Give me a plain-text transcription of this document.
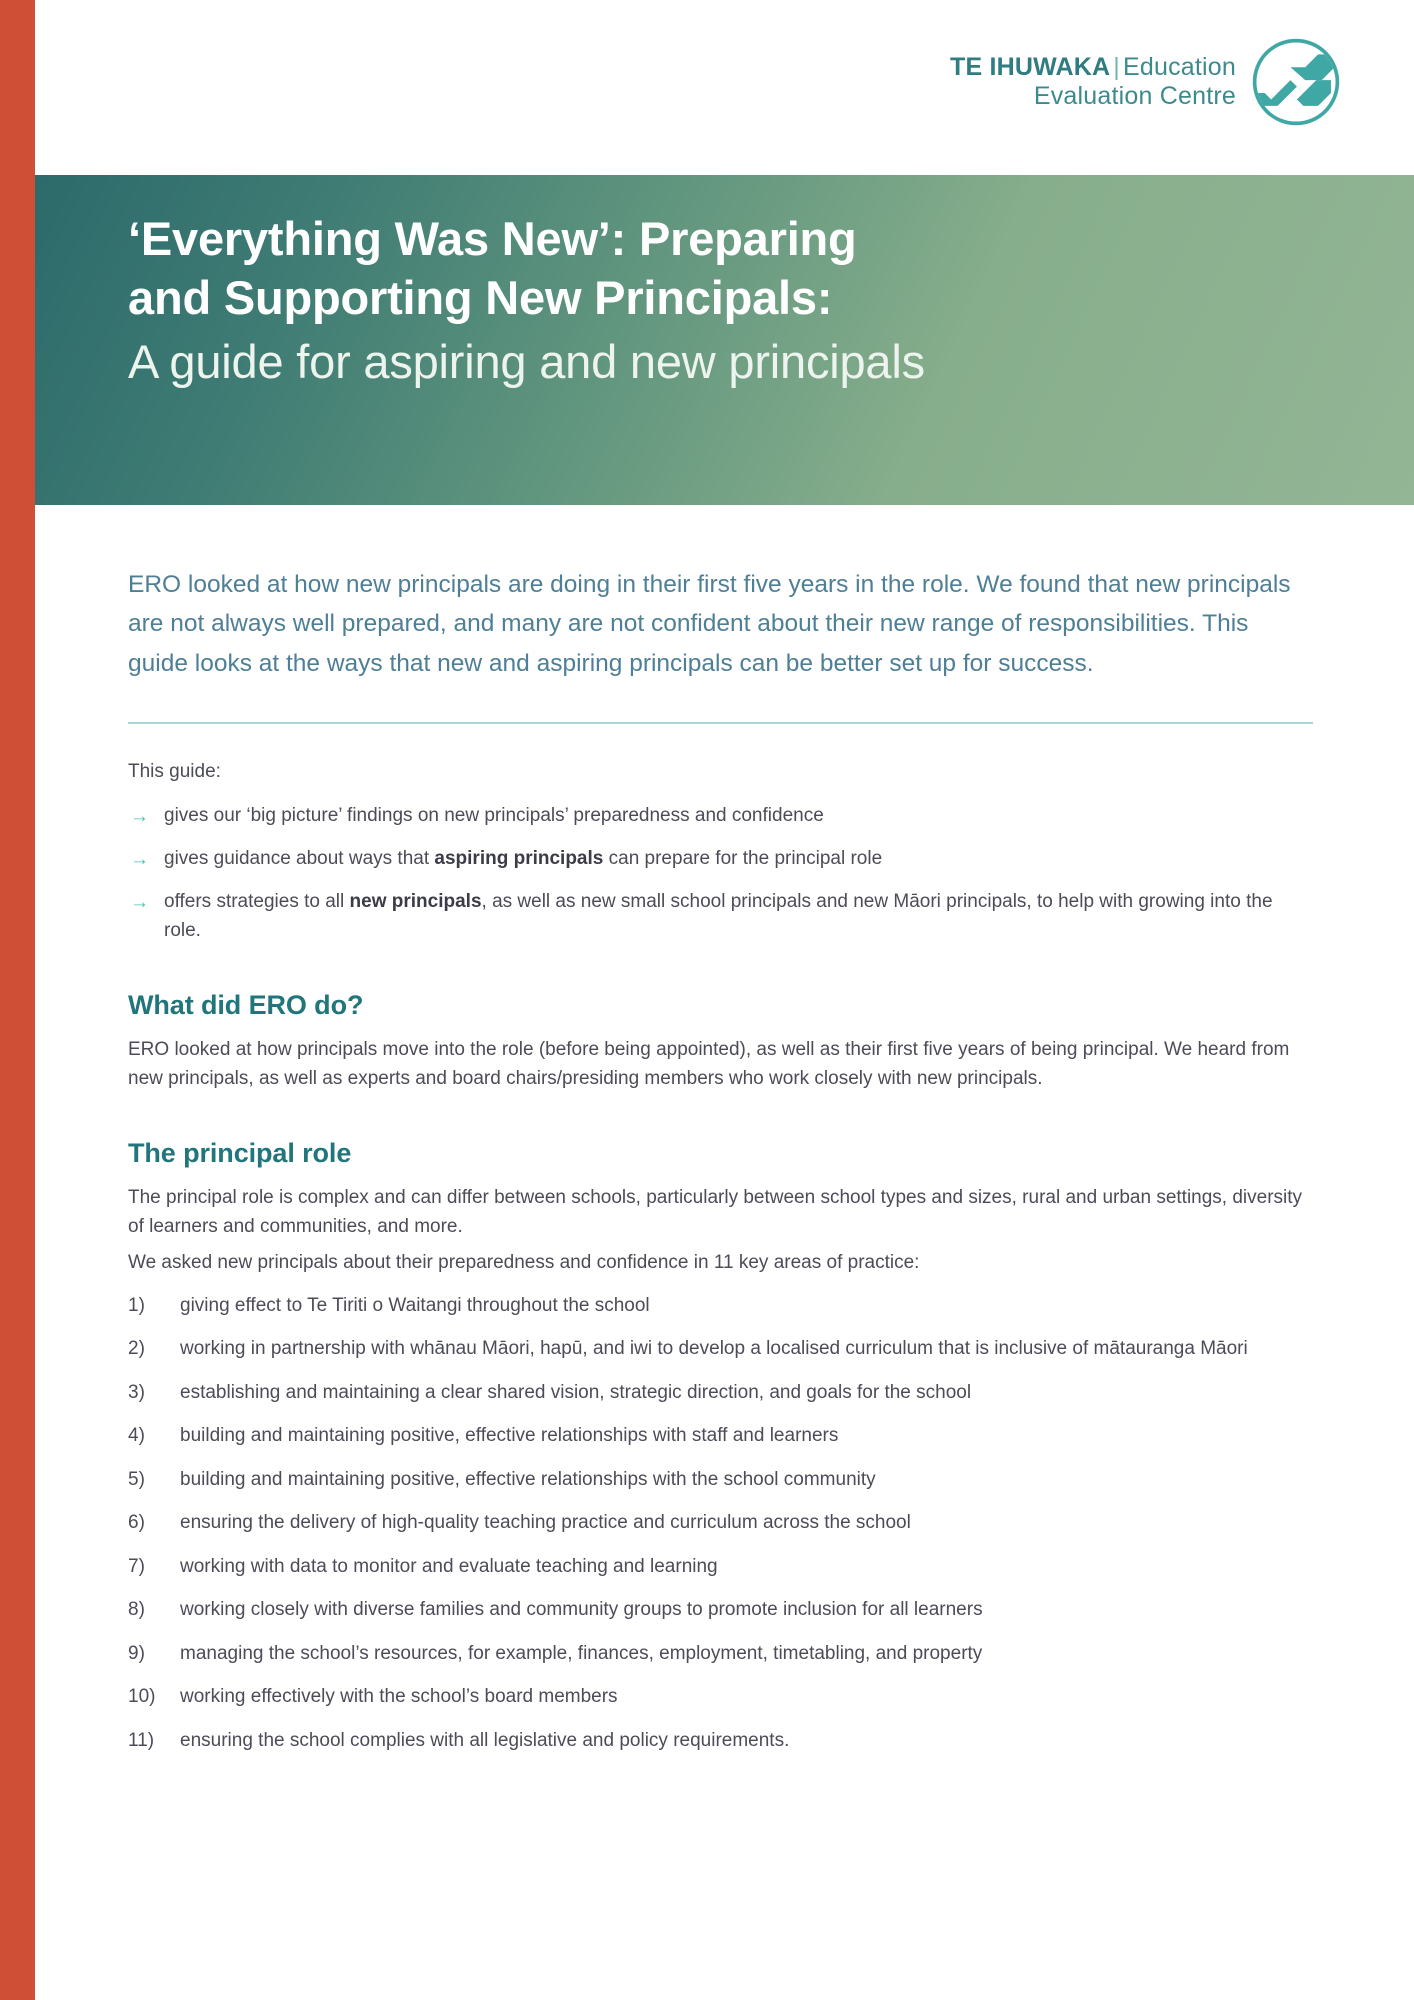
TE IHUWAKA | Education
Evaluation Centre
‘Everything Was New’: Preparing
and Supporting New Principals:
A guide for aspiring and new principals

ERO looked at how new principals are doing in their first five years in the role. We found that new principals are not always well prepared, and many are not confident about their new range of responsibilities. This guide looks at the ways that new and aspiring principals can be better set up for success.

This guide:

→ gives our ‘big picture’ findings on new principals’ preparedness and confidence
→ gives guidance about ways that aspiring principals can prepare for the principal role
→ offers strategies to all new principals, as well as new small school principals and new Māori principals, to help with growing into the role.
What did ERO do?

ERO looked at how principals move into the role (before being appointed), as well as their first five years of being principal. We heard from new principals, as well as experts and board chairs/presiding members who work closely with new principals.

The principal role

The principal role is complex and can differ between schools, particularly between school types and sizes, rural and urban settings, diversity of learners and communities, and more.

We asked new principals about their preparedness and confidence in 11 key areas of practice:

1)	giving effect to Te Tiriti o Waitangi throughout the school
2)	working in partnership with whānau Māori, hapū, and iwi to develop a localised curriculum that is inclusive of mātauranga Māori
3)	establishing and maintaining a clear shared vision, strategic direction, and goals for the school
4)	building and maintaining positive, effective relationships with staff and learners
5)	building and maintaining positive, effective relationships with the school community
6)	ensuring the delivery of high-quality teaching practice and curriculum across the school
7)	working with data to monitor and evaluate teaching and learning
8)	working closely with diverse families and community groups to promote inclusion for all learners
9)	managing the school’s resources, for example, finances, employment, timetabling, and property
10)	working effectively with the school’s board members
11)	ensuring the school complies with all legislative and policy requirements.
